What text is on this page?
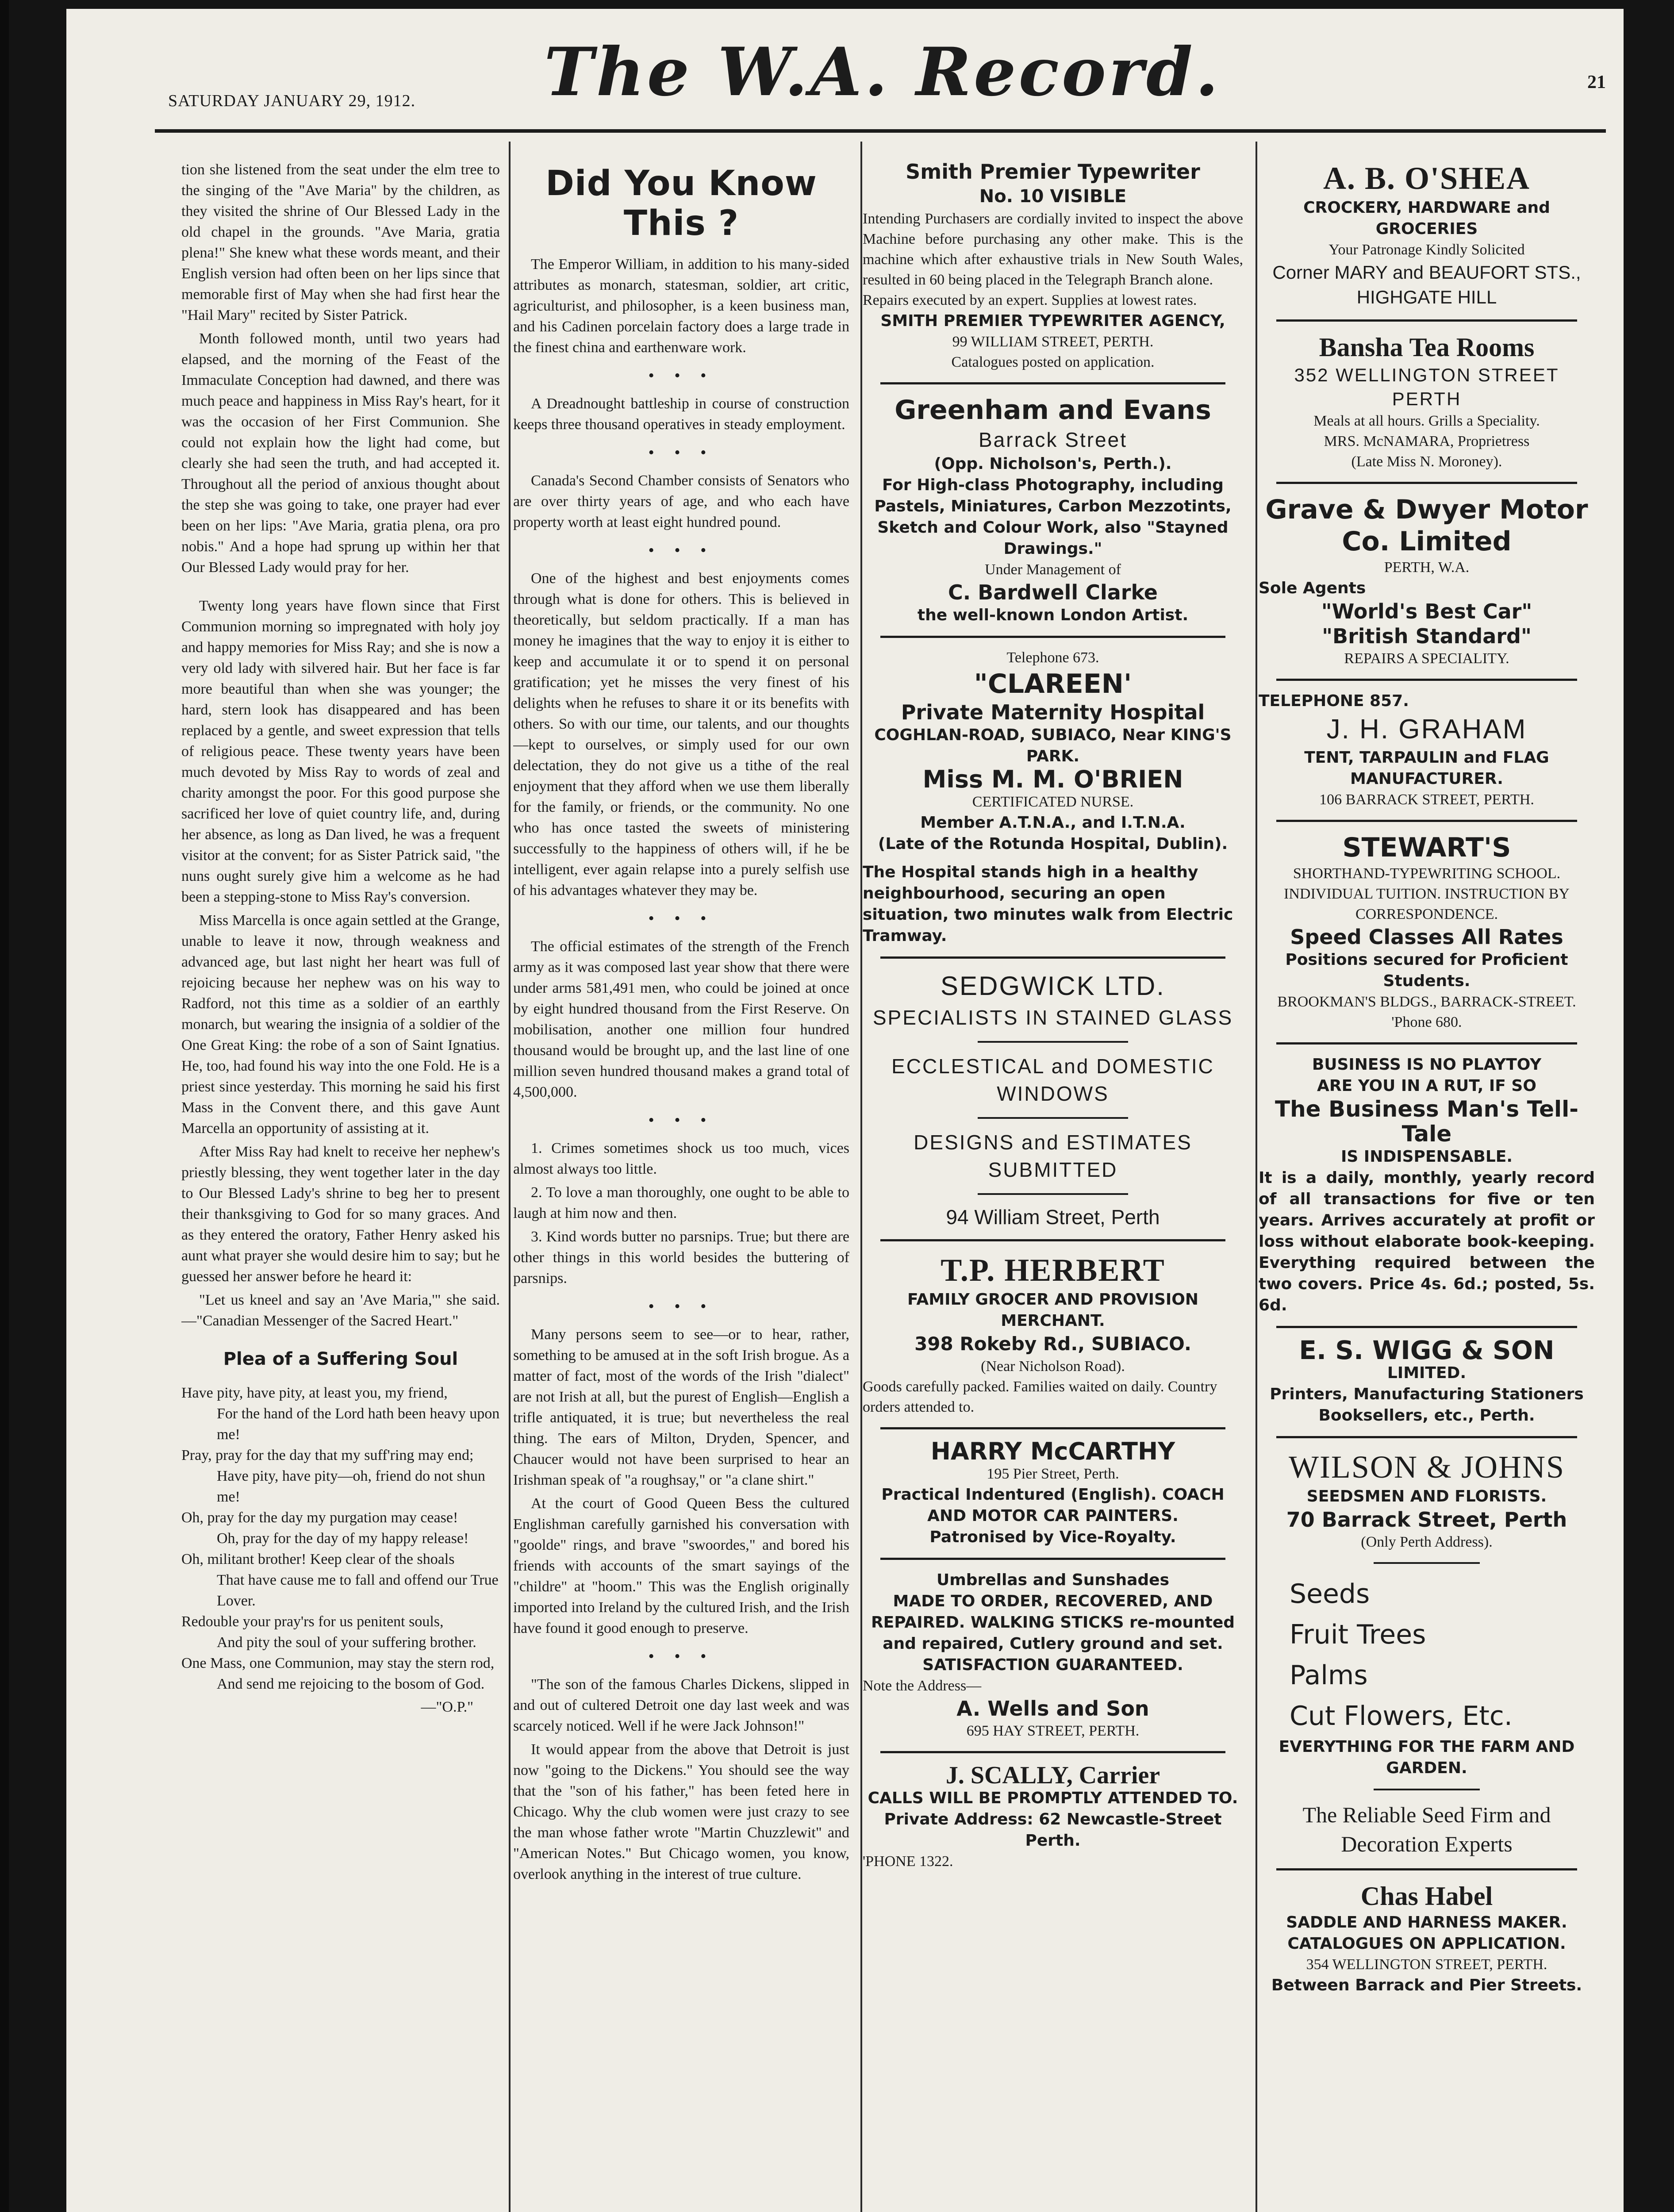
SATURDAY JANUARY 29, 1912. The W.A. Record.	21

tion she listened from the seat under the elm tree to the singing of the "Ave Maria" by the children, as they visited the shrine of Our Blessed Lady in the old chapel in the grounds. "Ave Maria, gratia plena!" She knew what these words meant, and their English version had often been on her lips since that memorable first of May when she had first hear the "Hail Mary" recited by Sister Patrick.

Month followed month, until two years had elapsed, and the morning of the Feast of the Immaculate Conception had dawned, and there was much peace and happiness in Miss Ray's heart, for it was the occasion of her First Communion. She could not explain how the light had come, but clearly she had seen the truth, and had accepted it. Throughout all the period of anxious thought about the step she was going to take, one prayer had ever been on her lips: "Ave Maria, gratia plena, ora pro nobis." And a hope had sprung up within her that Our Blessed Lady would pray for her.

Twenty long years have flown since that First Communion morning so impregnated with holy joy and happy memories for Miss Ray; and she is now a very old lady with silvered hair. But her face is far more beautiful than when she was younger; the hard, stern look has disappeared and has been replaced by a gentle, and sweet expression that tells of religious peace. These twenty years have been much devoted by Miss Ray to words of zeal and charity amongst the poor. For this good purpose she sacrificed her love of quiet country life, and, during her absence, as long as Dan lived, he was a frequent visitor at the convent; for as Sister Patrick said, "the nuns ought surely give him a welcome as he had been a stepping-stone to Miss Ray's conversion.

Miss Marcella is once again settled at the Grange, unable to leave it now, through weakness and advanced age, but last night her heart was full of rejoicing because her nephew was on his way to Radford, not this time as a soldier of an earthly monarch, but wearing the insignia of a soldier of the One Great King: the robe of a son of Saint Ignatius. He, too, had found his way into the one Fold. He is a priest since yesterday. This morning he said his first Mass in the Convent there, and this gave Aunt Marcella an opportunity of assisting at it.

After Miss Ray had knelt to receive her nephew's priestly blessing, they went together later in the day to Our Blessed Lady's shrine to beg her to present their thanksgiving to God for so many graces. And as they entered the oratory, Father Henry asked his aunt what prayer she would desire him to say; but he guessed her answer before he heard it:

"Let us kneel and say an 'Ave Maria,'" she said.—"Canadian Messenger of the Sacred Heart."

Plea of a Suffering Soul
Have pity, have pity, at least you, my friend,
For the hand of the Lord hath been heavy upon me!
Pray, pray for the day that my suff'ring may end;
Have pity, have pity—oh, friend do not shun me!
Oh, pray for the day my purgation may cease!
Oh, pray for the day of my happy release!
Oh, militant brother! Keep clear of the shoals
That have cause me to fall and offend our True Lover.
Redouble your pray'rs for us penitent souls,
And pity the soul of your suffering brother.
One Mass, one Communion, may stay the stern rod,
And send me rejoicing to the bosom of God.
—"O.P."
Did You Know This ?

The Emperor William, in addition to his many-sided attributes as monarch, statesman, soldier, art critic, agriculturist, and philosopher, is a keen business man, and his Cadinen porcelain factory does a large trade in the finest china and earthenware work.

• • •

A Dreadnought battleship in course of construction keeps three thousand operatives in steady employment.

• • •

Canada's Second Chamber consists of Senators who are over thirty years of age, and who each have property worth at least eight hundred pound.

• • •

One of the highest and best enjoyments comes through what is done for others. This is believed in theoretically, but seldom practically. If a man has money he imagines that the way to enjoy it is either to keep and accumulate it or to spend it on personal gratification; yet he misses the very finest of his delights when he refuses to share it or its benefits with others. So with our time, our talents, and our thoughts—kept to ourselves, or simply used for our own delectation, they do not give us a tithe of the real enjoyment that they afford when we use them liberally for the family, or friends, or the community. No one who has once tasted the sweets of ministering successfully to the happiness of others will, if he be intelligent, ever again relapse into a purely selfish use of his advantages whatever they may be.

• • •

The official estimates of the strength of the French army as it was composed last year show that there were under arms 581,491 men, who could be joined at once by eight hundred thousand from the First Reserve. On mobilisation, another one million four hundred thousand would be brought up, and the last line of one million seven hundred thousand makes a grand total of 4,500,000.

• • •

1. Crimes sometimes shock us too much, vices almost always too little.

2. To love a man thoroughly, one ought to be able to laugh at him now and then.

3. Kind words butter no parsnips. True; but there are other things in this world besides the buttering of parsnips.

• • •

Many persons seem to see—or to hear, rather, something to be amused at in the soft Irish brogue. As a matter of fact, most of the words of the Irish "dialect" are not Irish at all, but the purest of English—English a trifle antiquated, it is true; but nevertheless the real thing. The ears of Milton, Dryden, Spencer, and Chaucer would not have been surprised to hear an Irishman speak of "a roughsay," or "a clane shirt."

At the court of Good Queen Bess the cultured Englishman carefully garnished his conversation with "goolde" rings, and brave "swoordes," and bored his friends with accounts of the smart sayings of the "childre" at "hoom." This was the English originally imported into Ireland by the cultured Irish, and the Irish have found it good enough to preserve.

• • •

"The son of the famous Charles Dickens, slipped in and out of cultered Detroit one day last week and was scarcely noticed. Well if he were Jack Johnson!"

It would appear from the above that Detroit is just now "going to the Dickens." You should see the way that the "son of his father," has been feted here in Chicago. Why the club women were just crazy to see the man whose father wrote "Martin Chuzzlewit" and "American Notes." But Chicago women, you know, overlook anything in the interest of true culture.

Smith Premier Typewriter
No. 10 VISIBLE

Intending Purchasers are cordially invited to inspect the above Machine before purchasing any other make. This is the machine which after exhaustive trials in New South Wales, resulted in 60 being placed in the Telegraph Branch alone.

Repairs executed by an expert. Supplies at lowest rates.

SMITH PREMIER TYPEWRITER AGENCY,
99 WILLIAM STREET, PERTH.
Catalogues posted on application.
Greenham and Evans
Barrack Street
(Opp. Nicholson's, Perth.).
For High-class Photography, including Pastels, Miniatures, Carbon Mezzotints, Sketch and Colour Work, also "Stayned Drawings."
Under Management of
C. Bardwell Clarke
the well-known London Artist.
Telephone 673.
"CLAREEN'
Private Maternity Hospital
COGHLAN-ROAD, SUBIACO, Near KING'S PARK.
Miss M. M. O'BRIEN
CERTIFICATED NURSE.
Member A.T.N.A., and I.T.N.A.
(Late of the Rotunda Hospital, Dublin).
The Hospital stands high in a healthy neighbourhood, securing an open situation, two minutes walk from Electric Tramway.
SEDGWICK LTD.
SPECIALISTS IN STAINED GLASS
ECCLESTICAL and DOMESTIC WINDOWS
DESIGNS and ESTIMATES SUBMITTED
94 William Street, Perth
T.P. HERBERT
FAMILY GROCER AND PROVISION MERCHANT.
398 Rokeby Rd., SUBIACO.
(Near Nicholson Road).
Goods carefully packed. Families waited on daily. Country orders attended to.
HARRY McCARTHY
195 Pier Street, Perth.
Practical Indentured (English). COACH AND MOTOR CAR PAINTERS.
Patronised by Vice-Royalty.
Umbrellas and Sunshades
MADE TO ORDER, RECOVERED, AND REPAIRED. WALKING STICKS re-mounted and repaired, Cutlery ground and set. SATISFACTION GUARANTEED.
Note the Address—
A. Wells and Son
695 HAY STREET, PERTH.
J. SCALLY, Carrier
CALLS WILL BE PROMPTLY ATTENDED TO.
Private Address: 62 Newcastle-Street Perth.
'PHONE 1322.
A. B. O'SHEA
CROCKERY, HARDWARE and GROCERIES
Your Patronage Kindly Solicited
Corner MARY and BEAUFORT STS., HIGHGATE HILL
Bansha Tea Rooms
352 WELLINGTON STREET PERTH
Meals at all hours. Grills a Speciality.
MRS. McNAMARA, Proprietress
(Late Miss N. Moroney).
Grave & Dwyer Motor Co. Limited
PERTH, W.A.
Sole Agents
"World's Best Car"
"British Standard"
REPAIRS A SPECIALITY.
TELEPHONE 857.
J. H. GRAHAM
TENT, TARPAULIN and FLAG MANUFACTURER.
106 BARRACK STREET, PERTH.
STEWART'S
SHORTHAND-TYPEWRITING SCHOOL.
INDIVIDUAL TUITION. INSTRUCTION BY CORRESPONDENCE.
Speed Classes All Rates
Positions secured for Proficient Students.
BROOKMAN'S BLDGS., BARRACK-STREET.
'Phone 680.
BUSINESS IS NO PLAYTOY
ARE YOU IN A RUT, IF SO
The Business Man's Tell-Tale
IS INDISPENSABLE.
It is a daily, monthly, yearly record of all transactions for five or ten years. Arrives accurately at profit or loss without elaborate book-keeping. Everything required between the two covers. Price 4s. 6d.; posted, 5s. 6d.
E. S. WIGG & SON
LIMITED.
Printers, Manufacturing Stationers Booksellers, etc., Perth.
WILSON & JOHNS
SEEDSMEN AND FLORISTS.
70 Barrack Street, Perth
(Only Perth Address).
Seeds
Fruit Trees
Palms
Cut Flowers, Etc.
EVERYTHING FOR THE FARM AND GARDEN.
The Reliable Seed Firm and Decoration Experts
Chas Habel
SADDLE AND HARNESS MAKER. CATALOGUES ON APPLICATION.
354 WELLINGTON STREET, PERTH.
Between Barrack and Pier Streets.
